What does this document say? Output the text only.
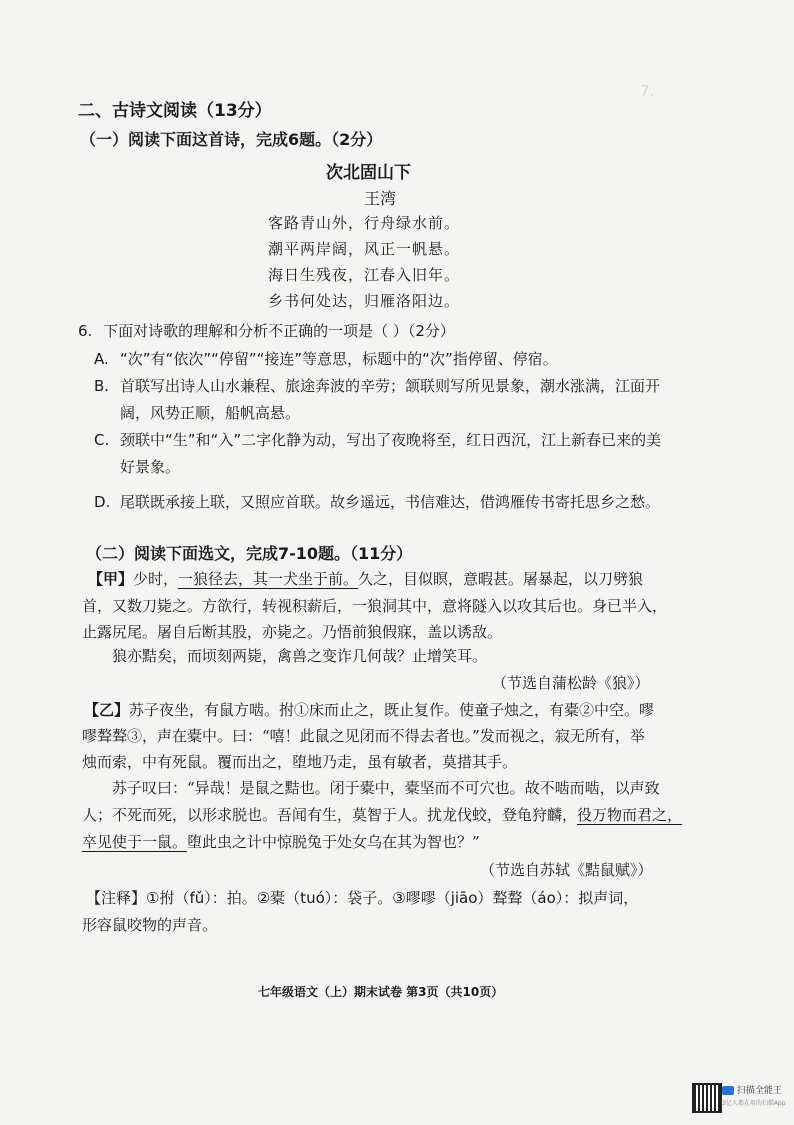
7.
二、古诗文阅读（13分）
（一）阅读下面这首诗，完成6题。（2分）
次北固山下
王湾
客路青山外，行舟绿水前。
潮平两岸阔，风正一帆悬。
海日生残夜，江春入旧年。
乡书何处达，归雁洛阳边。
6. 下面对诗歌的理解和分析不正确的一项是（ ）（2分）
A. “次”有“依次”“停留”“接连”等意思，标题中的“次”指停留、停宿。
B. 首联写出诗人山水兼程、旅途奔波的辛劳；颔联则写所见景象，潮水涨满，江面开阔，风势正顺，船帆高悬。
C. 颈联中“生”和“入”二字化静为动，写出了夜晚将至，红日西沉，江上新春已来的美好景象。
D. 尾联既承接上联，又照应首联。故乡遥远，书信难达，借鸿雁传书寄托思乡之愁。
（二）阅读下面选文，完成7-10题。（11分）
【甲】少时，一狼径去，其一犬坐于前。久之，目似瞑，意暇甚。屠暴起，以刀劈狼
首，又数刀毙之。方欲行，转视积薪后，一狼洞其中，意将隧入以攻其后也。身已半入，
止露尻尾。屠自后断其股，亦毙之。乃悟前狼假寐，盖以诱敌。
狼亦黠矣，而顷刻两毙，禽兽之变诈几何哉？止增笑耳。
（节选自蒲松龄《狼》）
【乙】苏子夜坐，有鼠方啮。拊①床而止之，既止复作。使童子烛之，有橐②中空。嘐
嘐聱聱③，声在橐中。曰：“嘻！此鼠之见闭而不得去者也。”发而视之，寂无所有，举
烛而索，中有死鼠。覆而出之，堕地乃走，虽有敏者，莫措其手。
苏子叹曰：“异哉！是鼠之黠也。闭于橐中，橐坚而不可穴也。故不啮而啮，以声致
人；不死而死，以形求脱也。吾闻有生，莫智于人。扰龙伐蛟，登龟狩麟，役万物而君之，
卒见使于一鼠。堕此虫之计中惊脱兔于处女乌在其为智也？”
（节选自苏轼《黠鼠赋》）
【注释】①拊（fǔ）：拍。②橐（tuó）：袋子。③嘐嘐（jiāo）聱聱（áo）：拟声词，
形容鼠咬物的声音。
七年级语文（上）期末试卷 第3页（共10页）
扫描全能王
3亿人都在用的扫描App
